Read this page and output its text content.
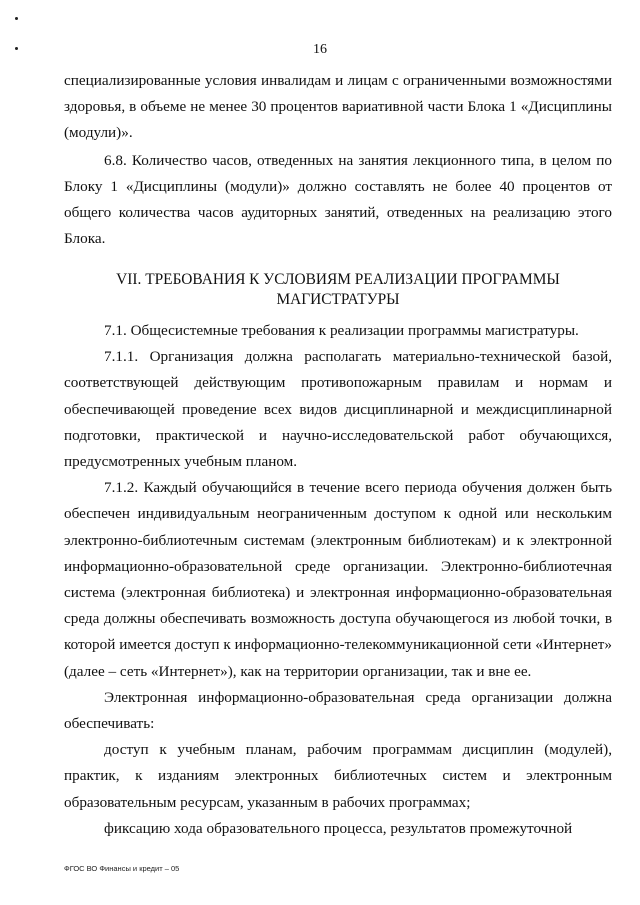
16

специализированные условия инвалидам и лицам с ограниченными возможностями здоровья, в объеме не менее 30 процентов вариативной части Блока 1 «Дисциплины (модули)».

6.8. Количество часов, отведенных на занятия лекционного типа, в целом по Блоку 1 «Дисциплины (модули)» должно составлять не более 40 процентов от общего количества часов аудиторных занятий, отведенных на реализацию этого Блока.

VII. ТРЕБОВАНИЯ К УСЛОВИЯМ РЕАЛИЗАЦИИ ПРОГРАММЫ
МАГИСТРАТУРЫ

7.1. Общесистемные требования к реализации программы магистратуры.

7.1.1. Организация должна располагать материально-технической базой, соответствующей действующим противопожарным правилам и нормам и обеспечивающей проведение всех видов дисциплинарной и междисциплинарной подготовки, практической и научно-исследовательской работ обучающихся, предусмотренных учебным планом.

7.1.2. Каждый обучающийся в течение всего периода обучения должен быть обеспечен индивидуальным неограниченным доступом к одной или нескольким электронно-библиотечным системам (электронным библиотекам) и к электронной информационно-образовательной среде организации. Электронно-библиотечная система (электронная библиотека) и электронная информационно-образовательная среда должны обеспечивать возможность доступа обучающегося из любой точки, в которой имеется доступ к информационно-телекоммуникационной сети «Интернет» (далее – сеть «Интернет»), как на территории организации, так и вне ее.

Электронная информационно-образовательная среда организации должна обеспечивать:

доступ к учебным планам, рабочим программам дисциплин (модулей), практик, к изданиям электронных библиотечных систем и электронным образовательным ресурсам, указанным в рабочих программах;

фиксацию хода образовательного процесса, результатов промежуточной

ФГОС ВО Финансы и кредит – 05
